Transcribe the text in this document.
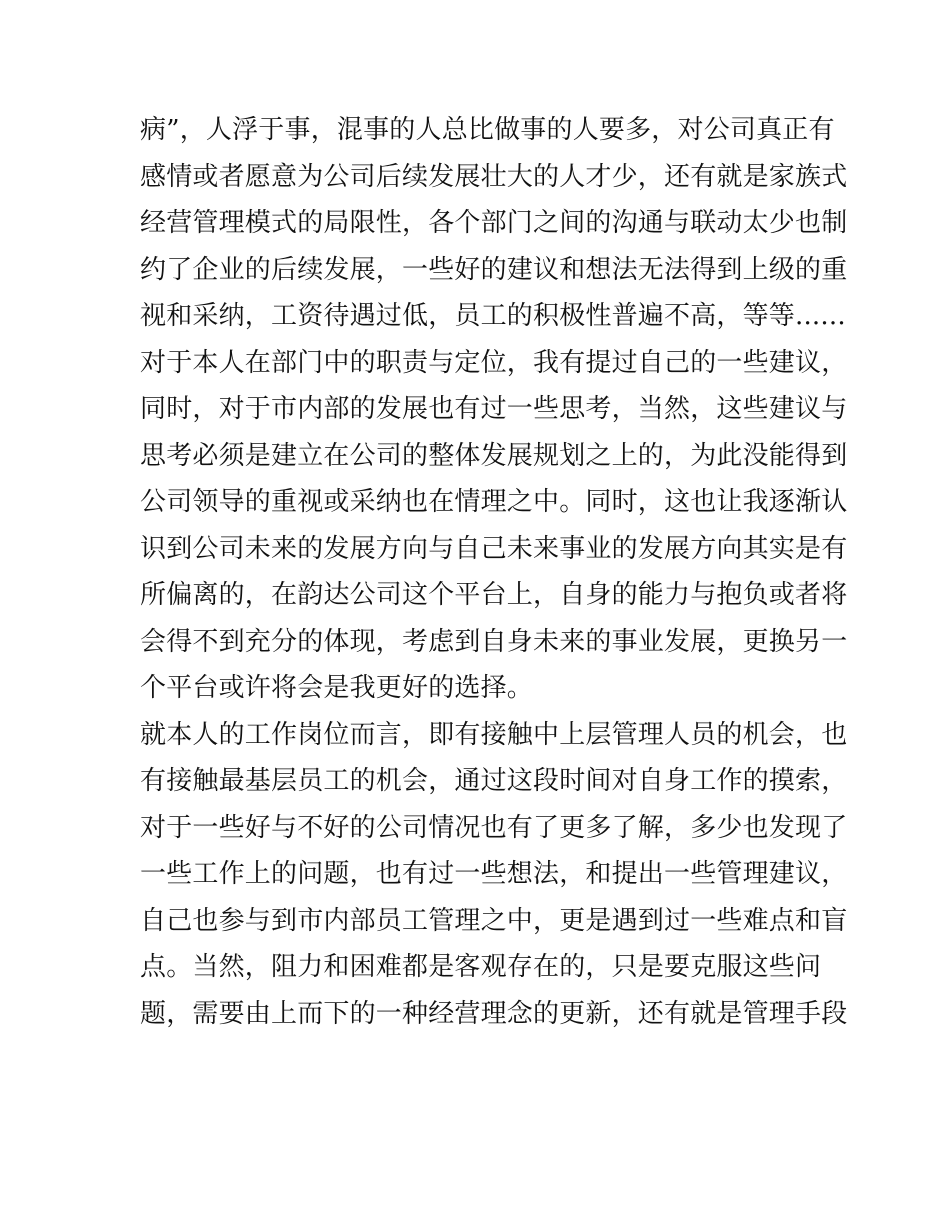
病”，人浮于事，混事的人总比做事的人要多，对公司真正有
感情或者愿意为公司后续发展壮大的人才少，还有就是家族式
经营管理模式的局限性，各个部门之间的沟通与联动太少也制
约了企业的后续发展，一些好的建议和想法无法得到上级的重
视和采纳，工资待遇过低，员工的积极性普遍不高，等等......
对于本人在部门中的职责与定位，我有提过自己的一些建议，
同时，对于市内部的发展也有过一些思考，当然，这些建议与
思考必须是建立在公司的整体发展规划之上的，为此没能得到
公司领导的重视或采纳也在情理之中。同时，这也让我逐渐认
识到公司未来的发展方向与自己未来事业的发展方向其实是有
所偏离的，在韵达公司这个平台上，自身的能力与抱负或者将
会得不到充分的体现，考虑到自身未来的事业发展，更换另一
个平台或许将会是我更好的选择。
就本人的工作岗位而言，即有接触中上层管理人员的机会，也
有接触最基层员工的机会，通过这段时间对自身工作的摸索，
对于一些好与不好的公司情况也有了更多了解，多少也发现了
一些工作上的问题，也有过一些想法，和提出一些管理建议，
自己也参与到市内部员工管理之中，更是遇到过一些难点和盲
点。当然，阻力和困难都是客观存在的，只是要克服这些问
题，需要由上而下的一种经营理念的更新，还有就是管理手段
